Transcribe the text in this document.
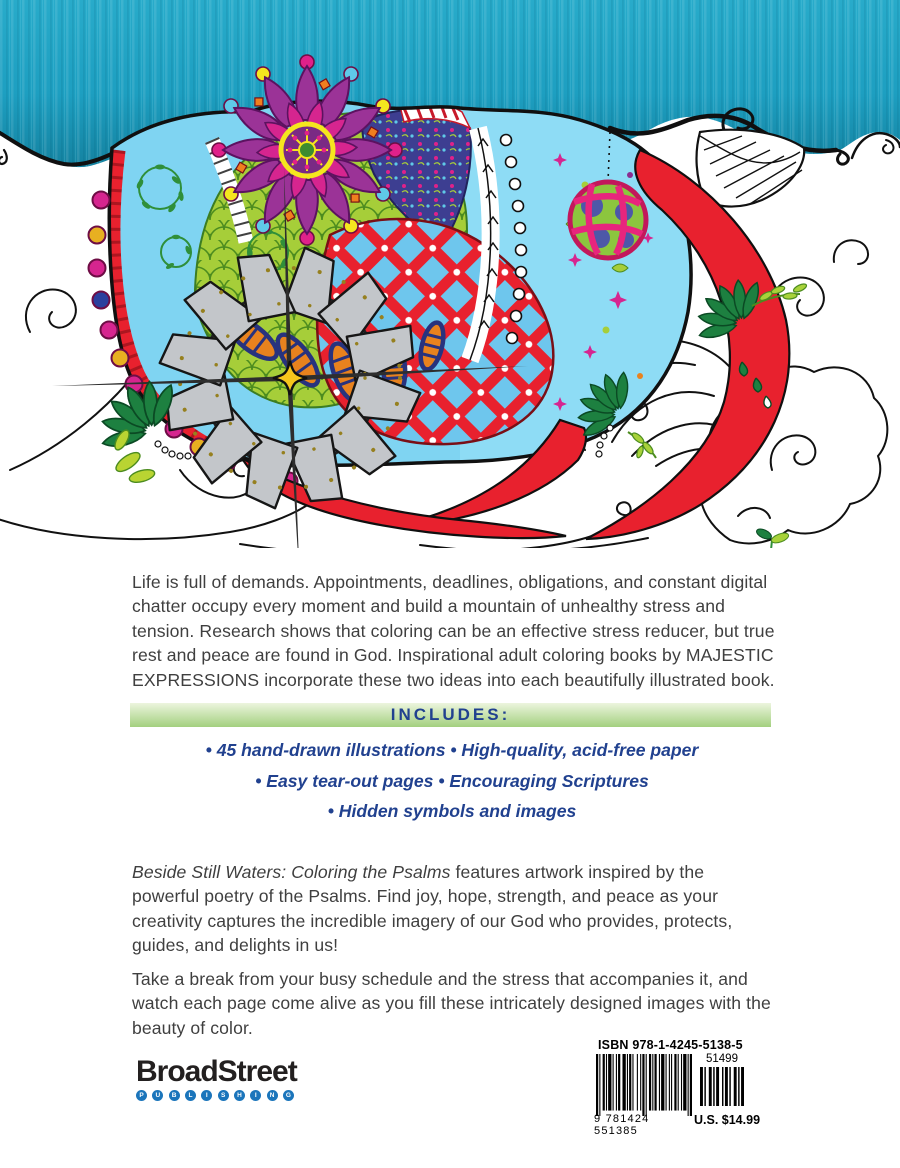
Life is full of demands. Appointments, deadlines, obligations, and constant digital chatter occupy every moment and build a mountain of unhealthy stress and tension. Research shows that coloring can be an effective stress reducer, but true rest and peace are found in God. Inspirational adult coloring books by MAJESTIC EXPRESSIONS incorporate these two ideas into each beautifully illustrated book.

INCLUDES:
• 45 hand-drawn illustrations • High-quality, acid-free paper
• Easy tear-out pages • Encouraging Scriptures
• Hidden symbols and images

Beside Still Waters: Coloring the Psalms features artwork inspired by the powerful poetry of the Psalms. Find joy, hope, strength, and peace as your creativity captures the incredible imagery of our God who provides, protects, guides, and delights in us!

Take a break from your busy schedule and the stress that accompanies it, and watch each page come alive as you fill these intricately designed images with the beauty of color.

BroadStreet
P	U	B	L	I	S	H	I	N	G
ISBN 978-1-4245-5138-5
51499
9 781424 551385
U.S. $14.99
